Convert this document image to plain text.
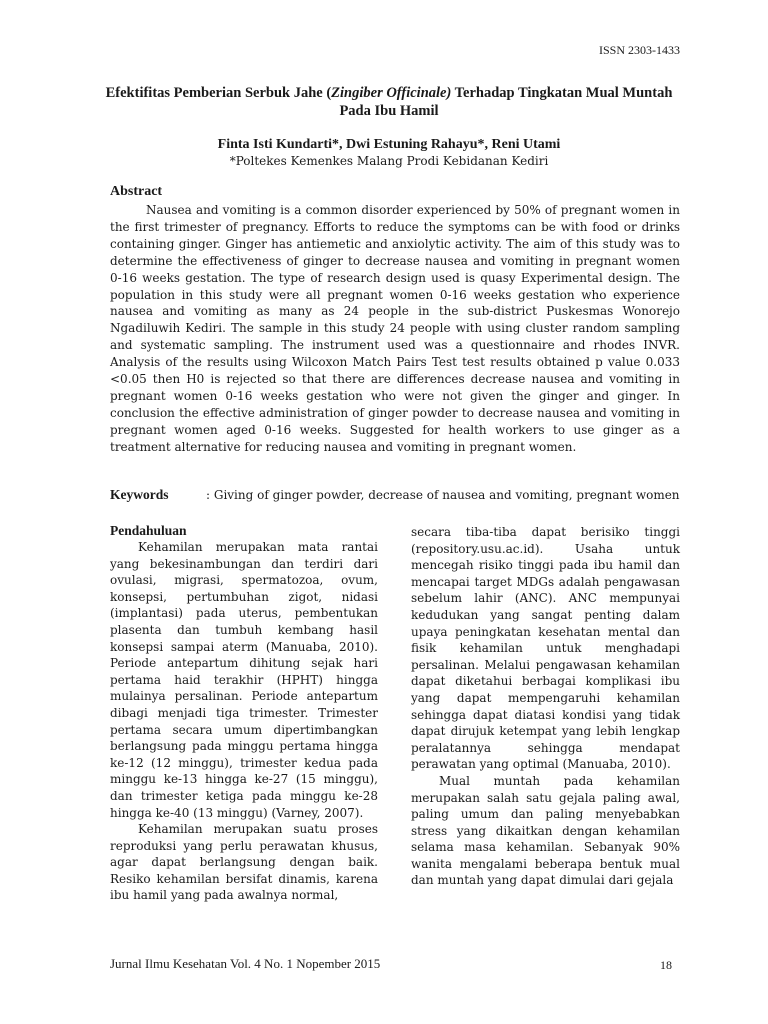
ISSN 2303-1433
Efektifitas Pemberian Serbuk Jahe (Zingiber Officinale) Terhadap Tingkatan Mual Muntah Pada Ibu Hamil
Finta Isti Kundarti*, Dwi Estuning Rahayu*, Reni Utami
*Poltekes Kemenkes Malang Prodi Kebidanan Kediri
Abstract

Nausea and vomiting is a common disorder experienced by 50% of pregnant women in the first trimester of pregnancy. Efforts to reduce the symptoms can be with food or drinks containing ginger. Ginger has antiemetic and anxiolytic activity. The aim of this study was to determine the effectiveness of ginger to decrease nausea and vomiting in pregnant women 0-16 weeks gestation. The type of research design used is quasy Experimental design. The population in this study were all pregnant women 0-16 weeks gestation who experience nausea and vomiting as many as 24 people in the sub-district Puskesmas Wonorejo Ngadiluwih Kediri. The sample in this study 24 people with using cluster random sampling and systematic sampling. The instrument used was a questionnaire and rhodes INVR. Analysis of the results using Wilcoxon Match Pairs Test test results obtained p value 0.033 <0.05 then H0 is rejected so that there are differences decrease nausea and vomiting in pregnant women 0-16 weeks gestation who were not given the ginger and ginger. In conclusion the effective administration of ginger powder to decrease nausea and vomiting in pregnant women aged 0-16 weeks. Suggested for health workers to use ginger as a treatment alternative for reducing nausea and vomiting in pregnant women.

Keywords	: Giving of ginger powder, decrease of nausea and vomiting, pregnant women

Pendahuluan

Kehamilan merupakan mata rantai yang bekesinambungan dan terdiri dari ovulasi, migrasi, spermatozoa, ovum, konsepsi, pertumbuhan zigot, nidasi (implantasi) pada uterus, pembentukan plasenta dan tumbuh kembang hasil konsepsi sampai aterm (Manuaba, 2010). Periode antepartum dihitung sejak hari pertama haid terakhir (HPHT) hingga mulainya persalinan. Periode antepartum dibagi menjadi tiga trimester. Trimester pertama secara umum dipertimbangkan berlangsung pada minggu pertama hingga ke-12 (12 minggu), trimester kedua pada minggu ke-13 hingga ke-27 (15 minggu), dan trimester ketiga pada minggu ke-28 hingga ke-40 (13 minggu) (Varney, 2007).

Kehamilan merupakan suatu proses reproduksi yang perlu perawatan khusus, agar dapat berlangsung dengan baik. Resiko kehamilan bersifat dinamis, karena ibu hamil yang pada awalnya normal,

secara tiba-tiba dapat berisiko tinggi (repository.usu.ac.id). Usaha untuk mencegah risiko tinggi pada ibu hamil dan mencapai target MDGs adalah pengawasan sebelum lahir (ANC). ANC mempunyai kedudukan yang sangat penting dalam upaya peningkatan kesehatan mental dan fisik kehamilan untuk menghadapi persalinan. Melalui pengawasan kehamilan dapat diketahui berbagai komplikasi ibu yang dapat mempengaruhi kehamilan sehingga dapat diatasi kondisi yang tidak dapat dirujuk ketempat yang lebih lengkap peralatannya sehingga mendapat perawatan yang optimal (Manuaba, 2010).

Mual muntah pada kehamilan merupakan salah satu gejala paling awal, paling umum dan paling menyebabkan stress yang dikaitkan dengan kehamilan selama masa kehamilan. Sebanyak 90% wanita mengalami beberapa bentuk mual dan muntah yang dapat dimulai dari gejala

Jurnal Ilmu Kesehatan Vol. 4 No. 1 Nopember 2015	18
